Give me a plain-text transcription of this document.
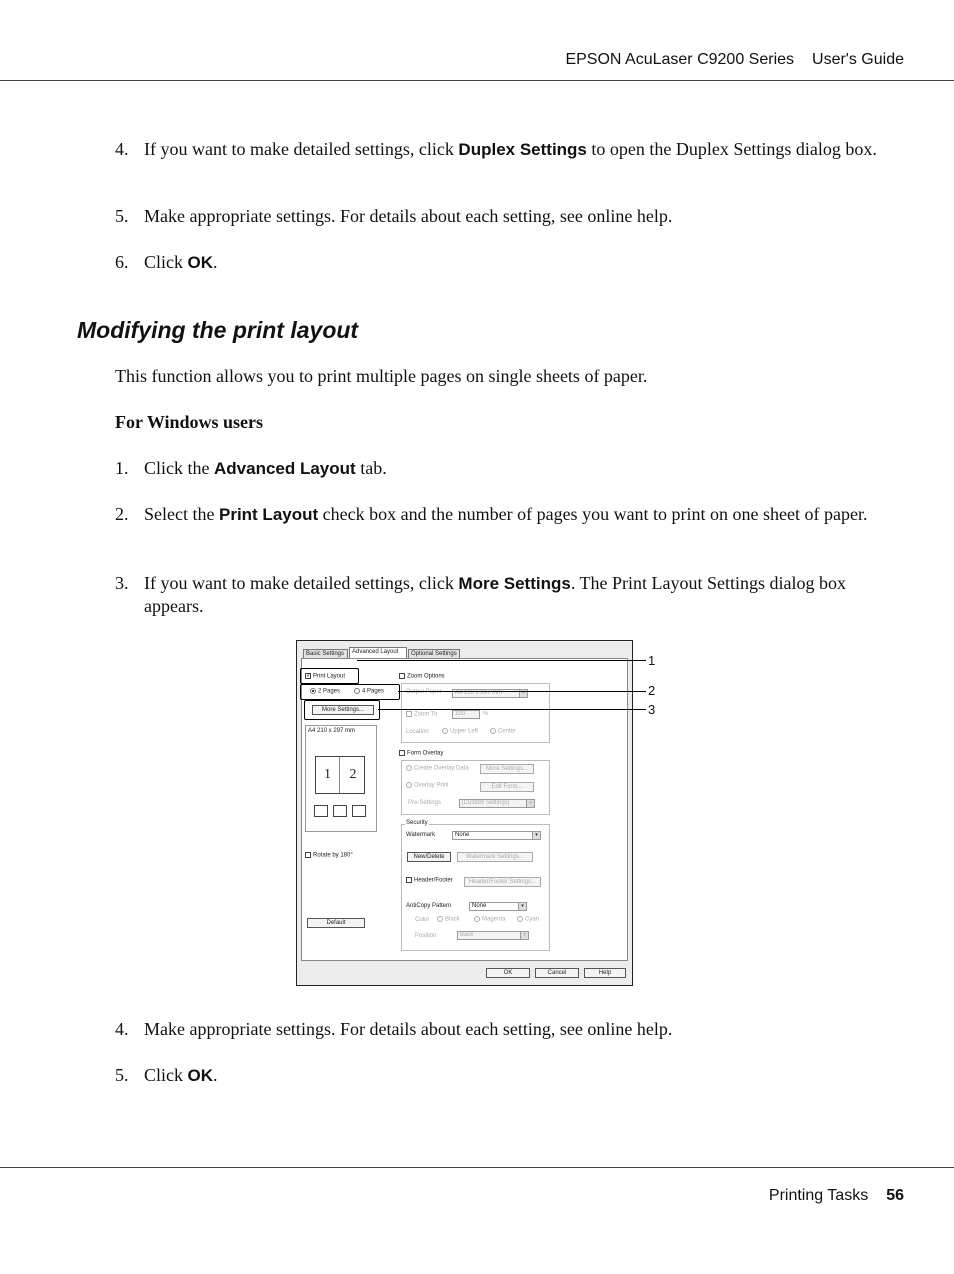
EPSON AcuLaser C9200 Series User's Guide
4. If you want to make detailed settings, click Duplex Settings to open the Duplex Settings dialog box.
5. Make appropriate settings. For details about each setting, see online help.
6. Click OK.
Modifying the print layout
This function allows you to print multiple pages on single sheets of paper.
For Windows users
1. Click the Advanced Layout tab.
2. Select the Print Layout check box and the number of pages you want to print on one sheet of paper.
3. If you want to make detailed settings, click More Settings. The Print Layout Settings dialog box appears.
Basic Settings	Advanced Layout	Optional Settings
✓ Print Layout
2 Pages	4 Pages
More Settings...
A4 210 x 297 mm
1	2
Rotate by 180°
Default
Zoom Options
Output Paper	A4 210 x 297 mm	▾
Zoom To	100	%
Location	Upper Left	Center
Form Overlay
Create Overlay Data	More Settings...
Overlay Print	Edit Form...
Pre-Settings	[Custom Settings]	▾
Security
Watermark	None	▾
New/Delete	Watermark Settings...
Header/Footer	Header/Footer Settings...
AntiCopy Pattern	None	▾
Color	Black	Magenta	Cyan
Position	Back	▾
OK	Cancel	Help
1
2
3
4. Make appropriate settings. For details about each setting, see online help.
5. Click OK.
Printing Tasks 56
